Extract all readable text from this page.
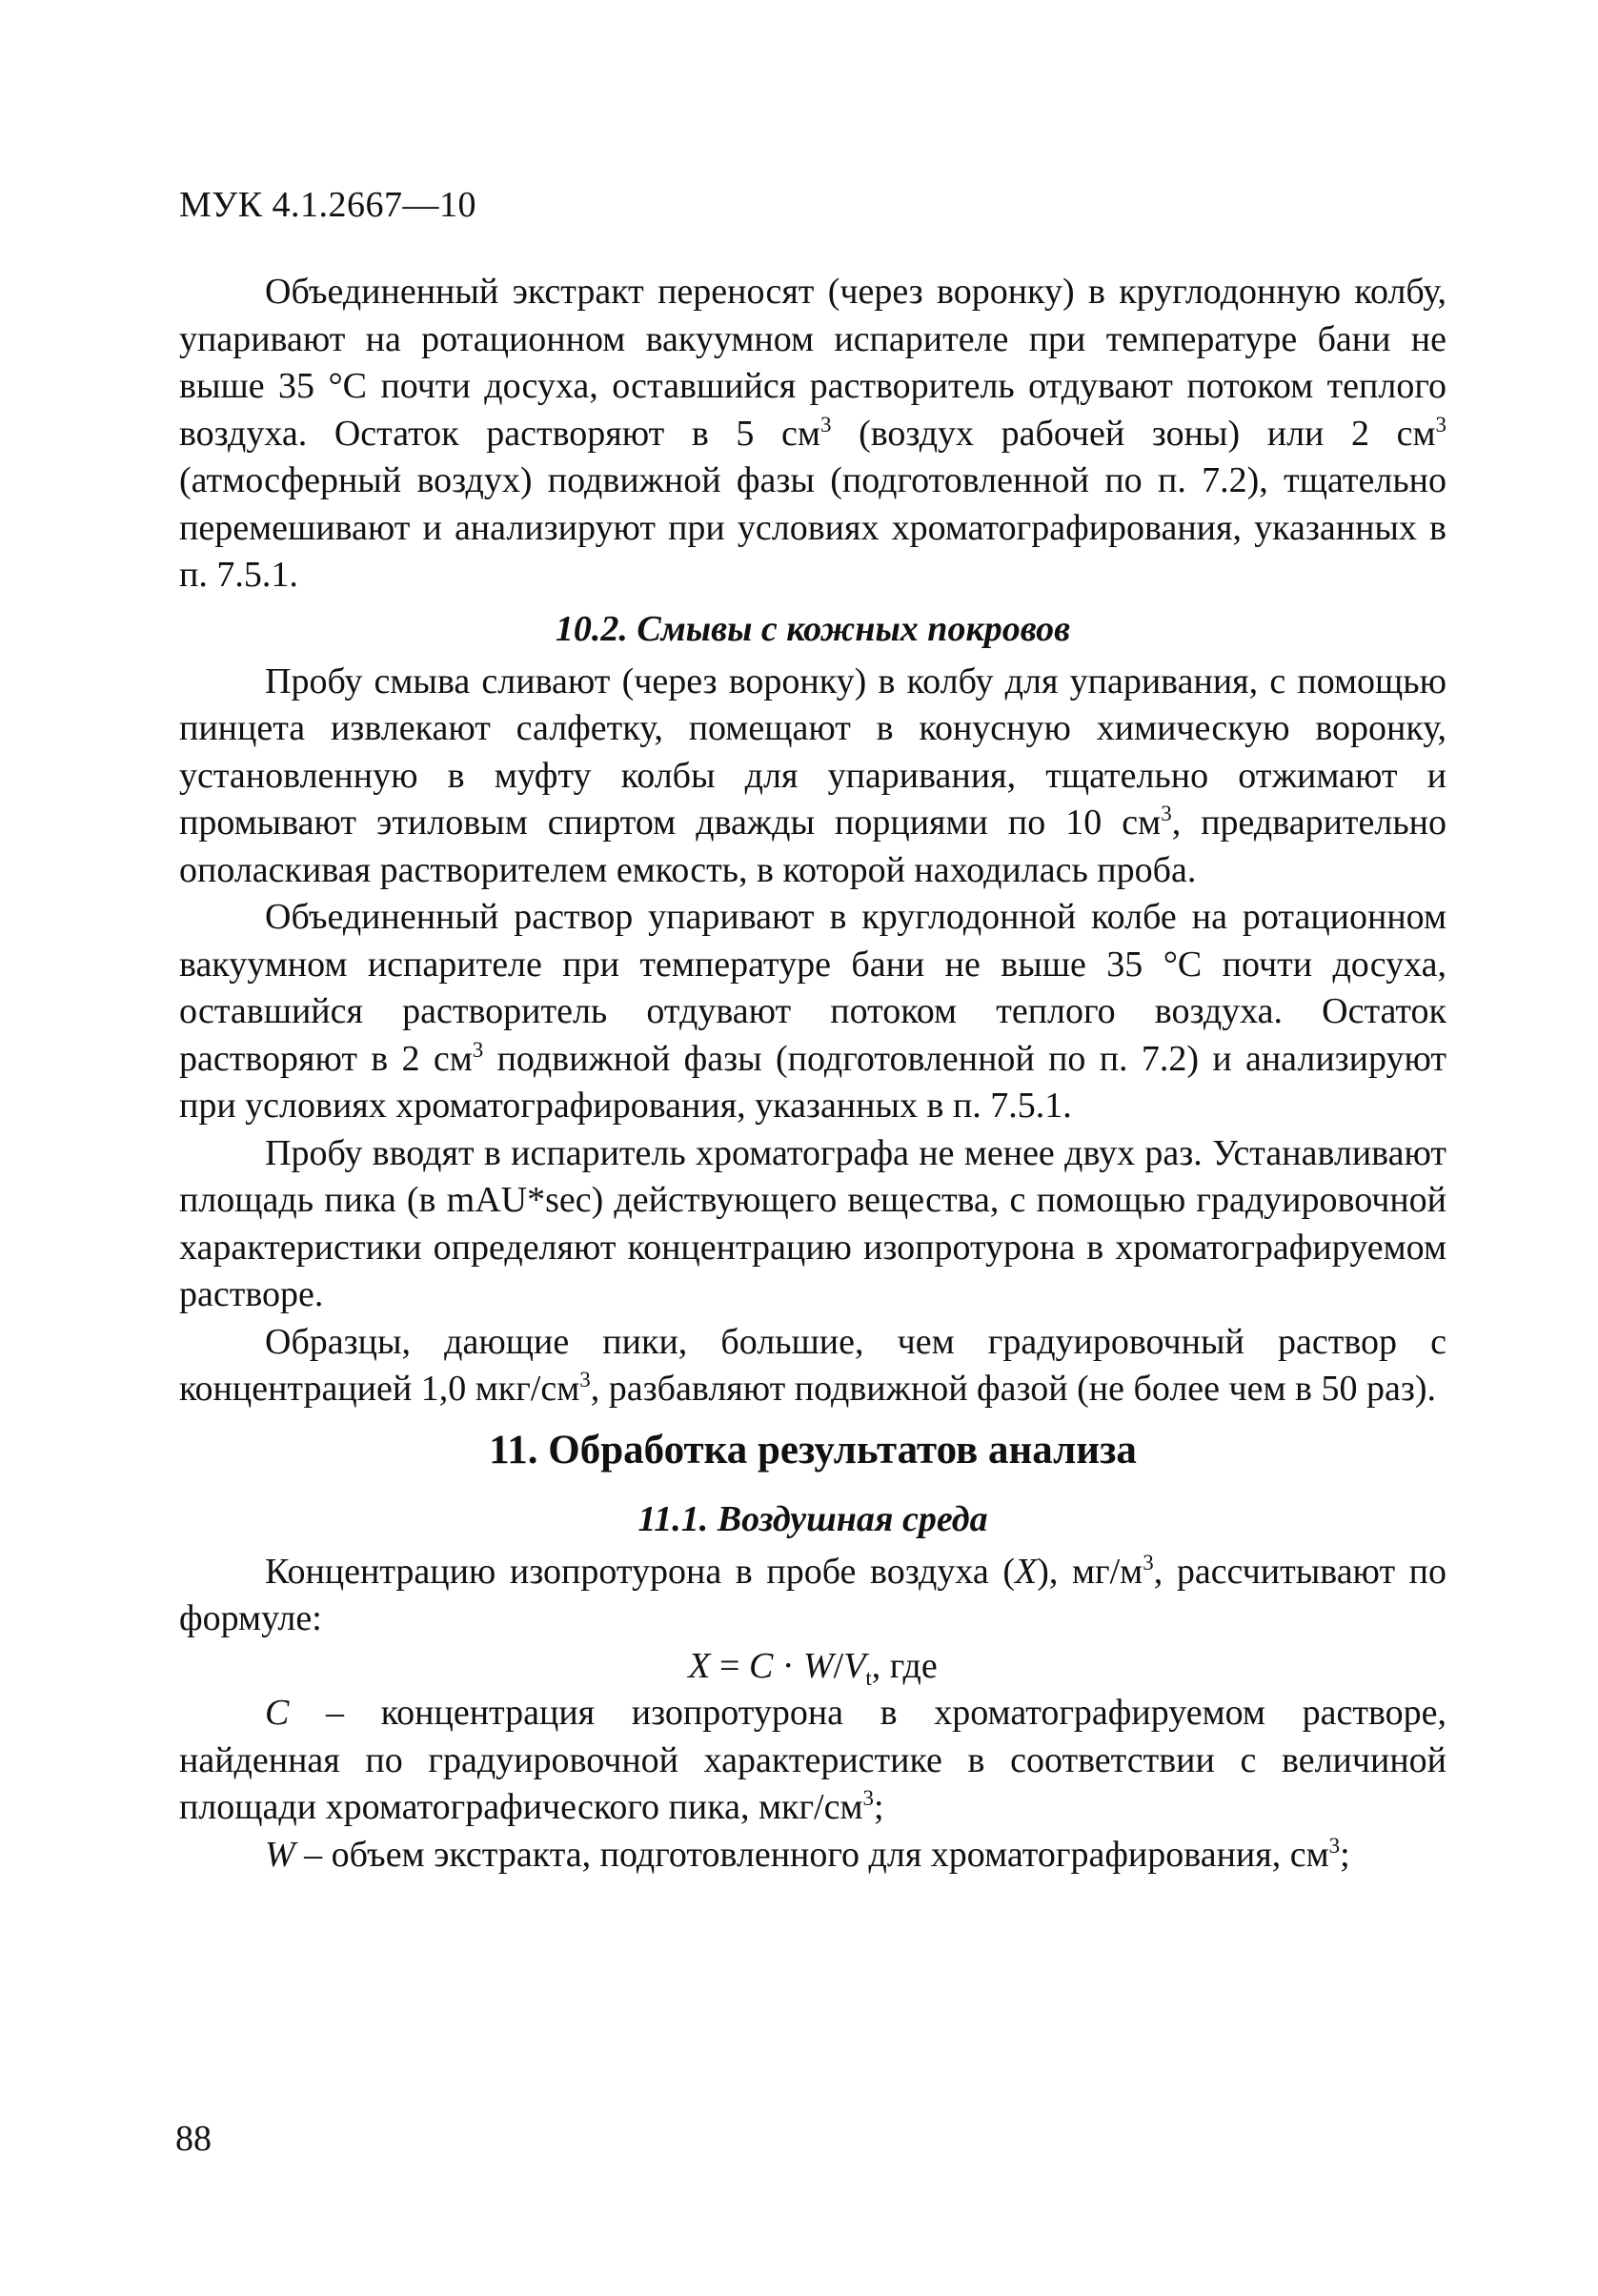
МУК 4.1.2667—10

Объединенный экстракт переносят (через воронку) в круглодонную колбу, упаривают на ротационном вакуумном испарителе при температуре бани не выше 35 °С почти досуха, оставшийся растворитель отдувают потоком теплого воздуха. Остаток растворяют в 5 $см^3$ (воздух рабочей зоны) или 2 $см^3$ (атмосферный воздух) подвижной фазы (подготовленной по п. 7.2), тщательно перемешивают и анализируют при условиях хроматографирования, указанных в п. 7.5.1.

10.2. Смывы с кожных покровов

Пробу смыва сливают (через воронку) в колбу для упаривания, с помощью пинцета извлекают салфетку, помещают в конусную химическую воронку, установленную в муфту колбы для упаривания, тщательно отжимают и промывают этиловым спиртом дважды порциями по 10 $см^3$, предварительно ополаскивая растворителем емкость, в которой находилась проба.

Объединенный раствор упаривают в круглодонной колбе на ротационном вакуумном испарителе при температуре бани не выше 35 °С почти досуха, оставшийся растворитель отдувают потоком теплого воздуха. Остаток растворяют в 2 $см^3$ подвижной фазы (подготовленной по п. 7.2) и анализируют при условиях хроматографирования, указанных в п. 7.5.1.

Пробу вводят в испаритель хроматографа не менее двух раз. Устанавливают площадь пика (в mAU*sec) действующего вещества, с помощью градуировочной характеристики определяют концентрацию изопротурона в хроматографируемом растворе.

Образцы, дающие пики, большие, чем градуировочный раствор с концентрацией 1,0 мкг/$см^3$, разбавляют подвижной фазой (не более чем в 50 раз).

11. Обработка результатов анализа
11.1. Воздушная среда

Концентрацию изопротурона в пробе воздуха (X), $мг/м^3$, рассчитывают по формуле:

$X = C \cdot W/V_t$, где

С – концентрация изопротурона в хроматографируемом растворе, найденная по градуировочной характеристике в соответствии с величиной площади хроматографического пика, мкг/$см^3$;

W – объем экстракта, подготовленного для хроматографирования, $см^3$;

88
